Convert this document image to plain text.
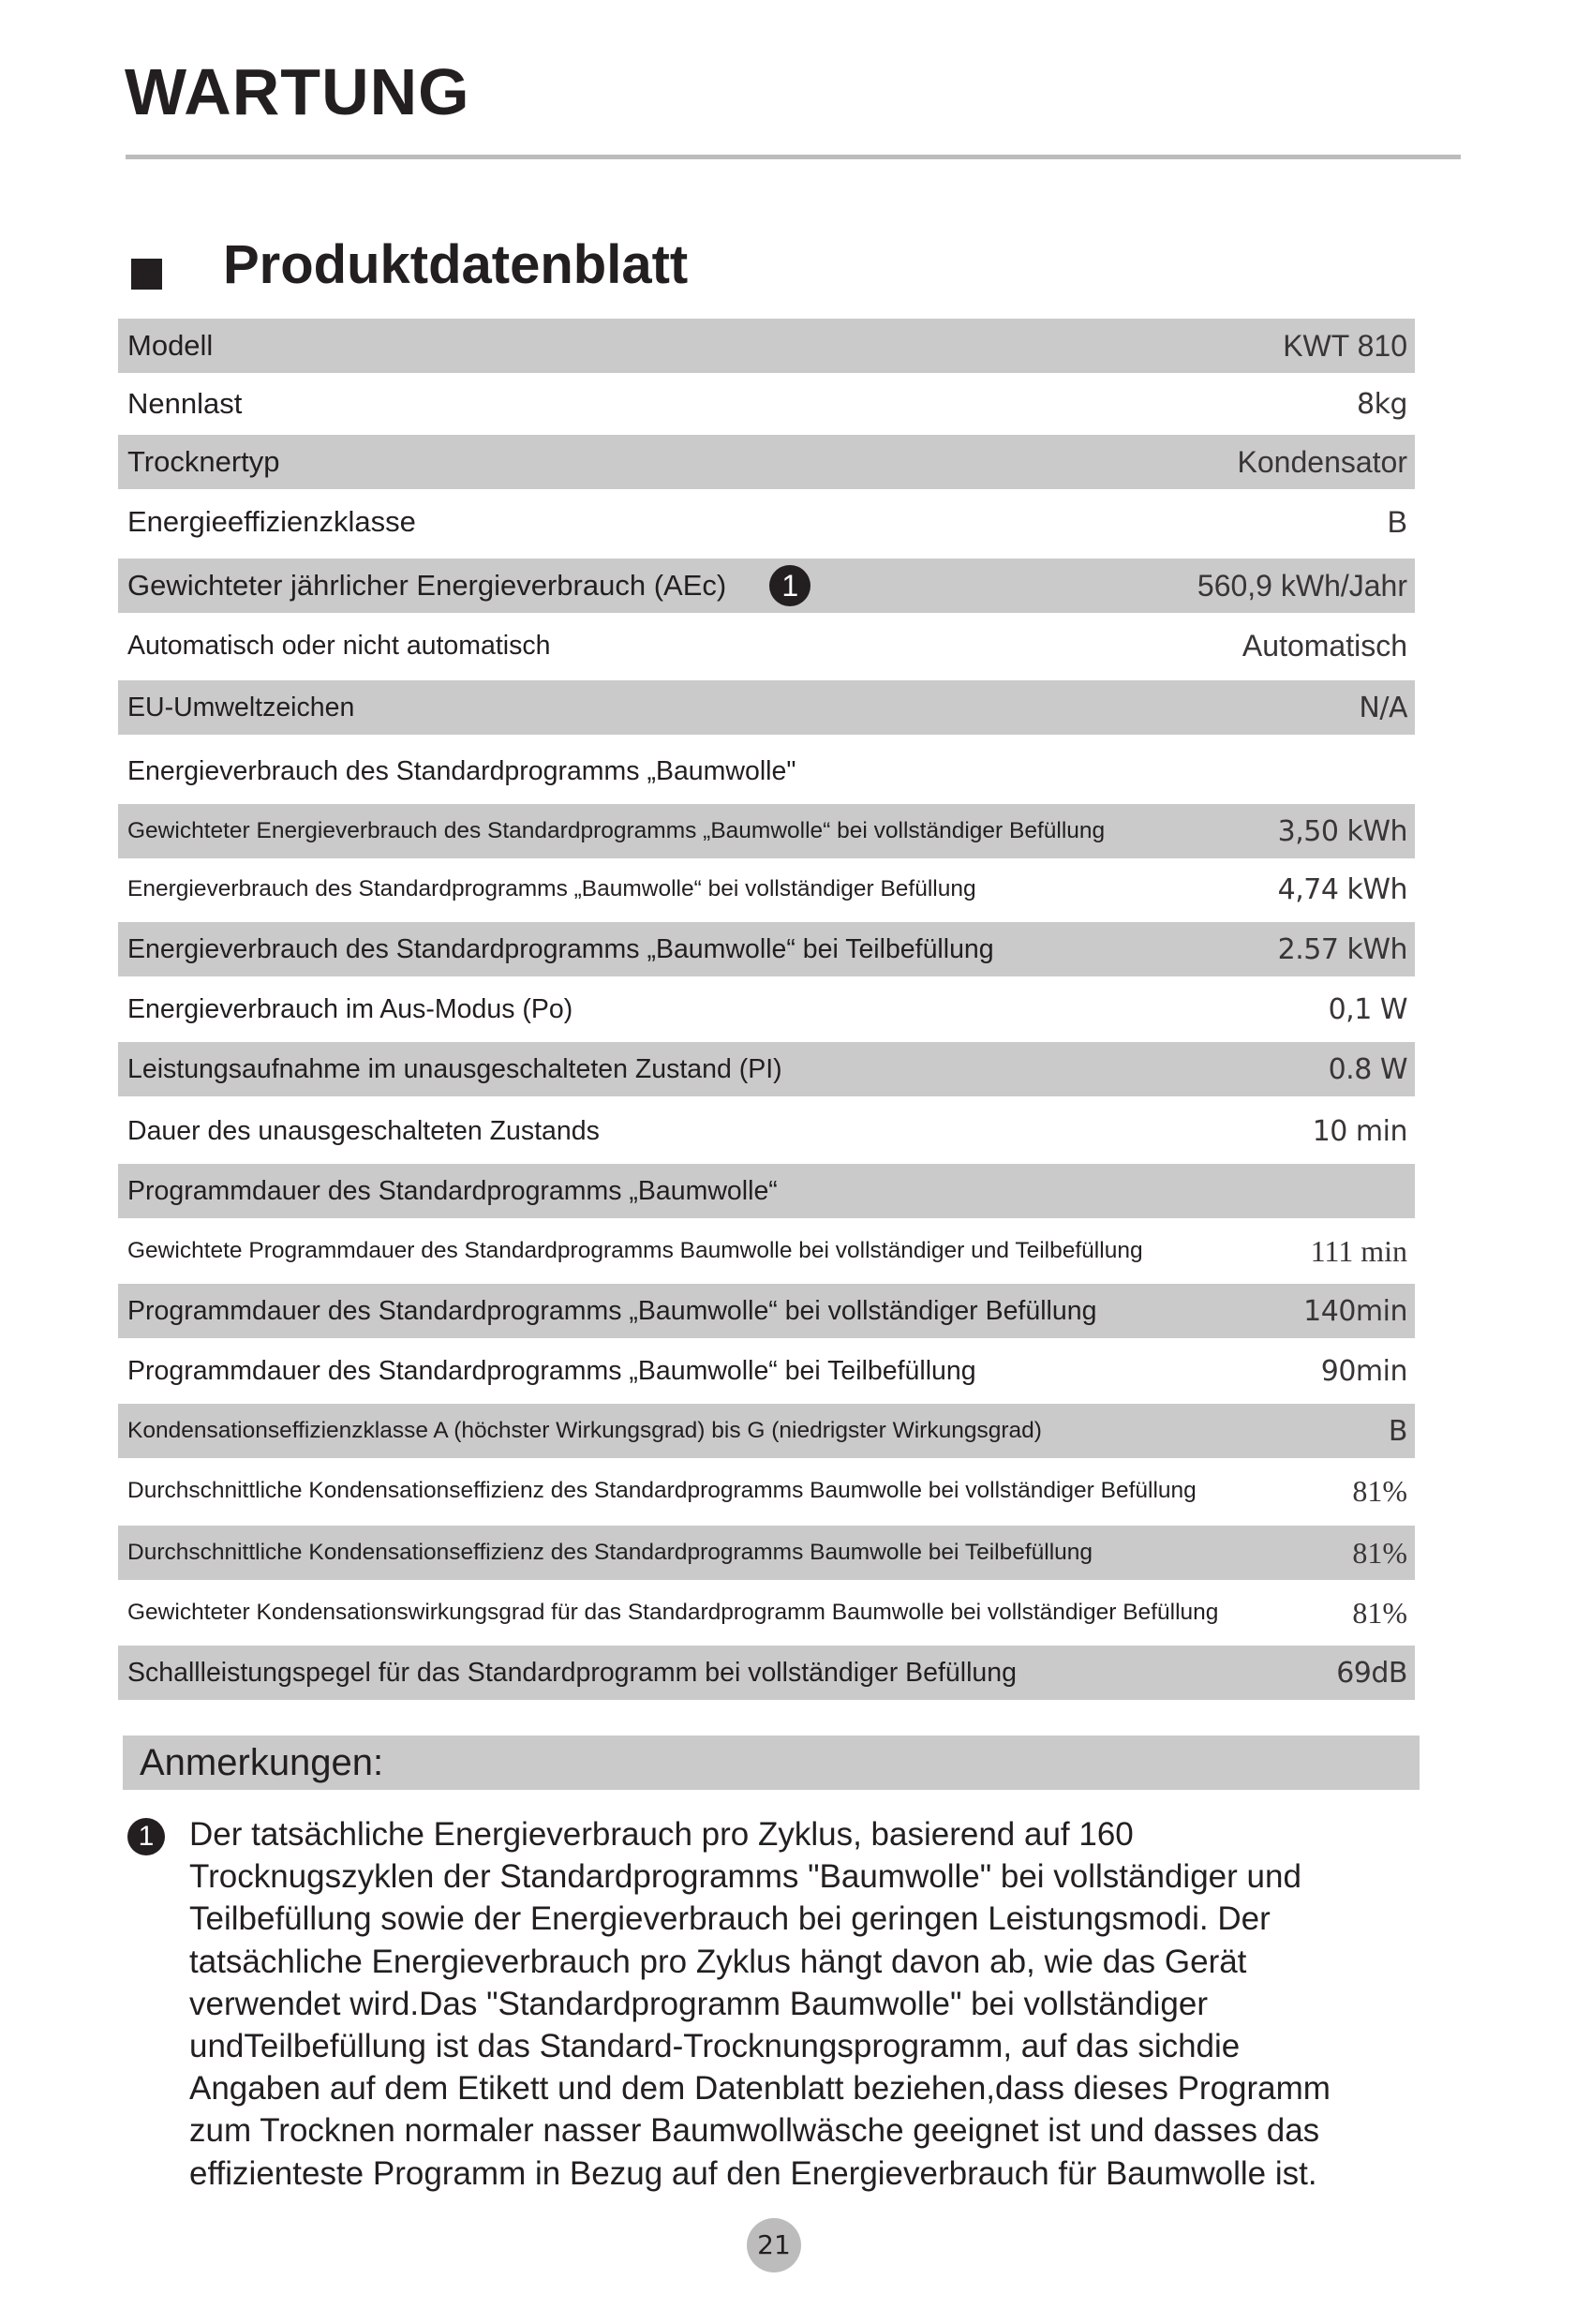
WARTUNG
Produktdatenblatt
Modell	KWT 810
Nennlast	8kg
Trocknertyp	Kondensator
Energieeffizienzklasse	B
Gewichteter jährlicher Energieverbrauch (AEc)	1	560,9 kWh/Jahr
Automatisch oder nicht automatisch	Automatisch
EU-Umweltzeichen	N/A
Energieverbrauch des Standardprogramms „Baumwolle"
Gewichteter Energieverbrauch des Standardprogramms „Baumwolle“ bei vollständiger Befüllung	3,50 kWh
Energieverbrauch des Standardprogramms „Baumwolle“ bei vollständiger Befüllung	4,74 kWh
Energieverbrauch des Standardprogramms „Baumwolle“ bei Teilbefüllung	2.57 kWh
Energieverbrauch im Aus-Modus (Po)	0,1 W
Leistungsaufnahme im unausgeschalteten Zustand (PI)	0.8 W
Dauer des unausgeschalteten Zustands	10 min
Programmdauer des Standardprogramms „Baumwolle“
Gewichtete Programmdauer des Standardprogramms Baumwolle bei vollständiger und Teilbefüllung	111 min
Programmdauer des Standardprogramms „Baumwolle“ bei vollständiger Befüllung	140min
Programmdauer des Standardprogramms „Baumwolle“ bei Teilbefüllung	90min
Kondensationseffizienzklasse A (höchster Wirkungsgrad) bis G (niedrigster Wirkungsgrad)	B
Durchschnittliche Kondensationseffizienz des Standardprogramms Baumwolle bei vollständiger Befüllung	81%
Durchschnittliche Kondensationseffizienz des Standardprogramms Baumwolle bei Teilbefüllung	81%
Gewichteter Kondensationswirkungsgrad für das Standardprogramm Baumwolle bei vollständiger Befüllung	81%
Schallleistungspegel für das Standardprogramm bei vollständiger Befüllung	69dB
Anmerkungen:
1	Der tatsächliche Energieverbrauch pro Zyklus, basierend auf 160
Trocknugszyklen der Standardprogramms "Baumwolle" bei vollständiger und
Teilbefüllung sowie der Energieverbrauch bei geringen Leistungsmodi. Der
tatsächliche Energieverbrauch pro Zyklus hängt davon ab, wie das Gerät
verwendet wird.Das "Standardprogramm Baumwolle" bei vollständiger
undTeilbefüllung ist das Standard-Trocknungsprogramm, auf das sichdie
Angaben auf dem Etikett und dem Datenblatt beziehen,dass dieses Programm
zum Trocknen normaler nasser Baumwollwäsche geeignet ist und dasses das
effizienteste Programm in Bezug auf den Energieverbrauch für Baumwolle ist.
21
